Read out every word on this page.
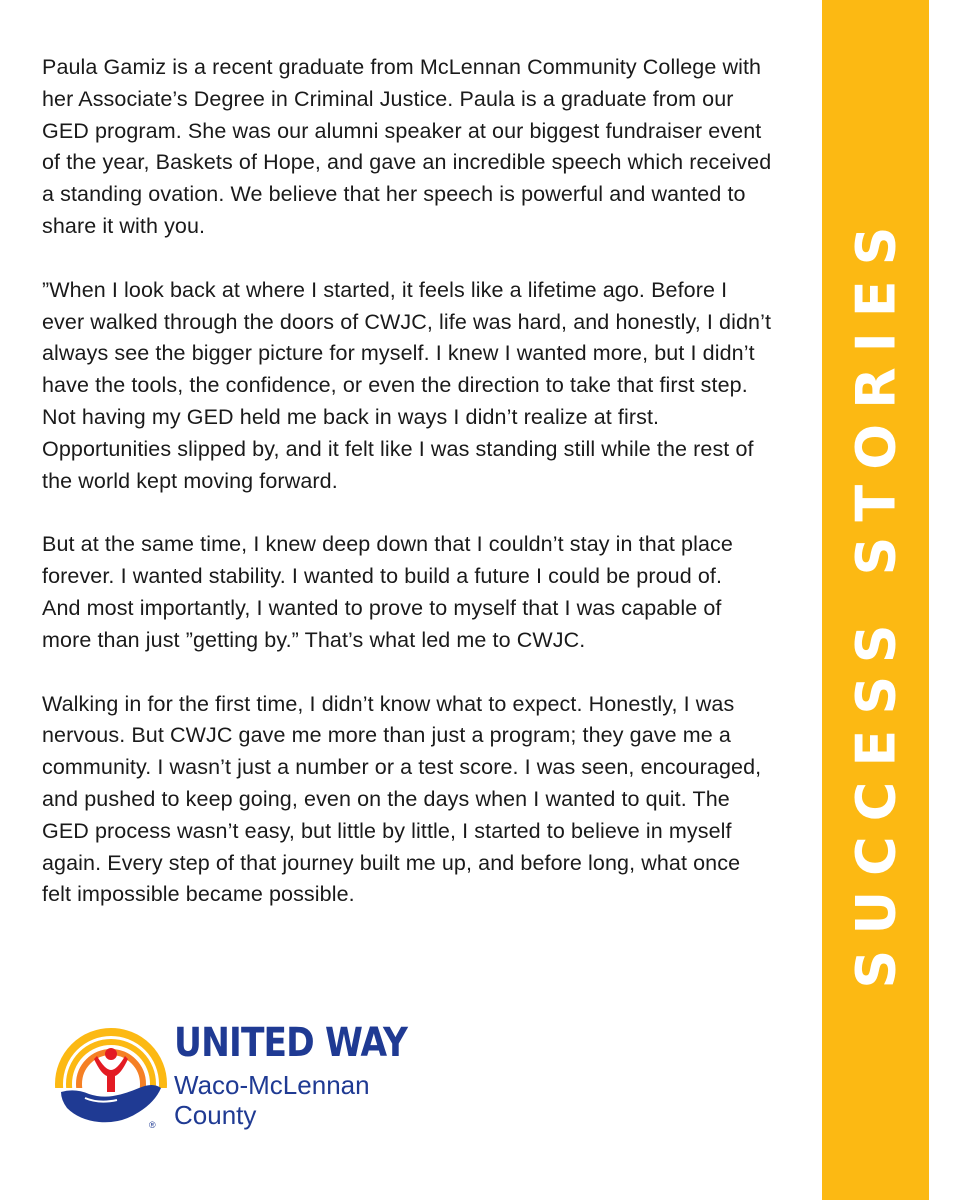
Paula Gamiz is a recent graduate from McLennan Community College with
her Associate’s Degree in Criminal Justice. Paula is a graduate from our
GED program. She was our alumni speaker at our biggest fundraiser event
of the year, Baskets of Hope, and gave an incredible speech which received
a standing ovation. We believe that her speech is powerful and wanted to
share it with you.

”When I look back at where I started, it feels like a lifetime ago. Before I
ever walked through the doors of CWJC, life was hard, and honestly, I didn’t
always see the bigger picture for myself. I knew I wanted more, but I didn’t
have the tools, the confidence, or even the direction to take that first step.
Not having my GED held me back in ways I didn’t realize at first.
Opportunities slipped by, and it felt like I was standing still while the rest of
the world kept moving forward.

But at the same time, I knew deep down that I couldn’t stay in that place
forever. I wanted stability. I wanted to build a future I could be proud of.
And most importantly, I wanted to prove to myself that I was capable of
more than just ”getting by.” That’s what led me to CWJC.

Walking in for the first time, I didn’t know what to expect. Honestly, I was
nervous. But CWJC gave me more than just a program; they gave me a
community. I wasn’t just a number or a test score. I was seen, encouraged,
and pushed to keep going, even on the days when I wanted to quit. The
GED process wasn’t easy, but little by little, I started to believe in myself
again. Every step of that journey built me up, and before long, what once
felt impossible became possible.	SUCCESS STORIES
®
UNITED WAY
Waco-McLennan
County
